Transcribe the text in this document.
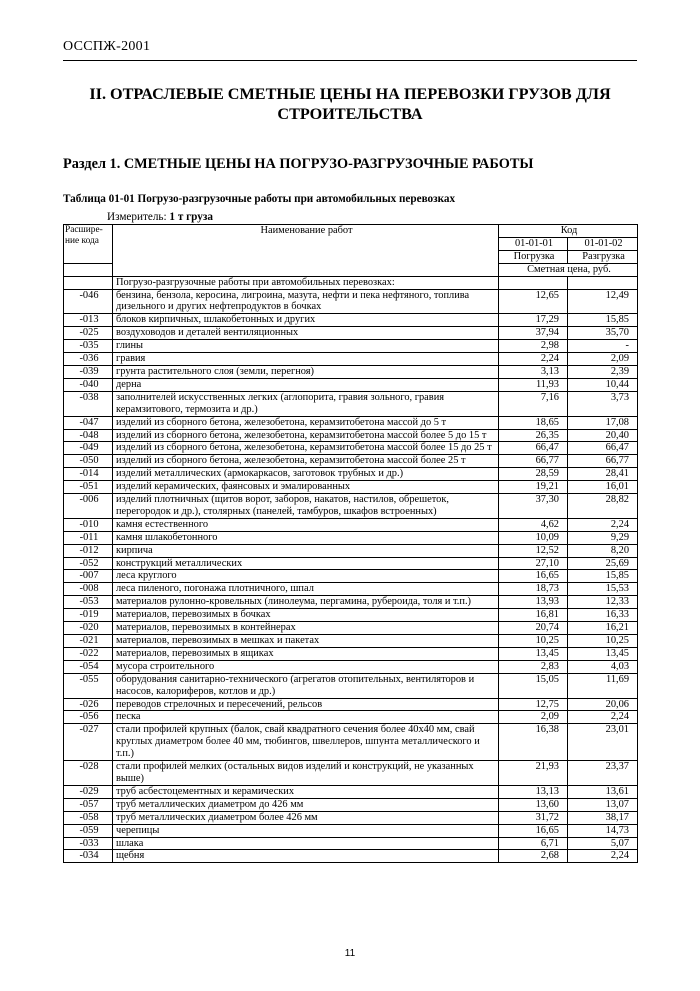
ОССПЖ-2001
II. ОТРАСЛЕВЫЕ СМЕТНЫЕ ЦЕНЫ НА ПЕРЕВОЗКИ ГРУЗОВ ДЛЯ
СТРОИТЕЛЬСТВА
Раздел 1. СМЕТНЫЕ ЦЕНЫ НА ПОГРУЗО-РАЗГРУЗОЧНЫЕ РАБОТЫ
Таблица 01-01 Погрузо-разгрузочные работы при автомобильных перевозках
Измеритель: 1 т груза
Расшире-ние кода	Наименование работ	Код	
		01-01-01	01-01-02
		Погрузка	Разгрузка
		Сметная цена, руб.	
	Погрузо-разгрузочные работы при автомобильных перевозках:		
-046	бензина, бензола, керосина, лигроина, мазута, нефти и пека нефтяного, топлива дизельного и других нефтепродуктов в бочках	12,65	12,49
-013	блоков кирпичных, шлакобетонных и других	17,29	15,85
-025	воздуховодов и деталей вентиляционных	37,94	35,70
-035	глины	2,98	-
-036	гравия	2,24	2,09
-039	грунта растительного слоя (земли, перегноя)	3,13	2,39
-040	дерна	11,93	10,44
-038	заполнителей искусственных легких (аглопорита, гравия зольного, гравия керамзитового, термозита и др.)	7,16	3,73
-047	изделий из сборного бетона, железобетона, керамзитобетона массой до 5 т	18,65	17,08
-048	изделий из сборного бетона, железобетона, керамзитобетона массой более 5 до 15 т	26,35	20,40
-049	изделий из сборного бетона, железобетона, керамзитобетона массой более 15 до 25 т	66,47	66,47
-050	изделий из сборного бетона, железобетона, керамзитобетона массой более 25 т	66,77	66,77
-014	изделий металлических (армокаркасов, заготовок трубных и др.)	28,59	28,41
-051	изделий керамических, фаянсовых и эмалированных	19,21	16,01
-006	изделий плотничных (щитов ворот, заборов, накатов, настилов, обрешеток, перегородок и др.), столярных (панелей, тамбуров, шкафов встроенных)	37,30	28,82
-010	камня естественного	4,62	2,24
-011	камня шлакобетонного	10,09	9,29
-012	кирпича	12,52	8,20
-052	конструкций металлических	27,10	25,69
-007	леса круглого	16,65	15,85
-008	леса пиленого, погонажа плотничного, шпал	18,73	15,53
-053	материалов рулонно-кровельных (линолеума, пергамина, рубероида, толя и т.п.)	13,93	12,33
-019	материалов, перевозимых в бочках	16,81	16,33
-020	материалов, перевозимых в контейнерах	20,74	16,21
-021	материалов, перевозимых в мешках и пакетах	10,25	10,25
-022	материалов, перевозимых в ящиках	13,45	13,45
-054	мусора строительного	2,83	4,03
-055	оборудования санитарно-технического (агрегатов отопительных, вентиляторов и насосов, калориферов, котлов и др.)	15,05	11,69
-026	переводов стрелочных и пересечений, рельсов	12,75	20,06
-056	песка	2,09	2,24
-027	стали профилей крупных (балок, свай квадратного сечения более 40х40 мм, свай круглых диаметром более 40 мм, тюбингов, швеллеров, шпунта металлического и т.п.)	16,38	23,01
-028	стали профилей мелких (остальных видов изделий и конструкций, не указанных выше)	21,93	23,37
-029	труб асбестоцементных и керамических	13,13	13,61
-057	труб металлических диаметром до 426 мм	13,60	13,07
-058	труб металлических диаметром более 426 мм	31,72	38,17
-059	черепицы	16,65	14,73
-033	шлака	6,71	5,07
-034	щебня	2,68	2,24
11
